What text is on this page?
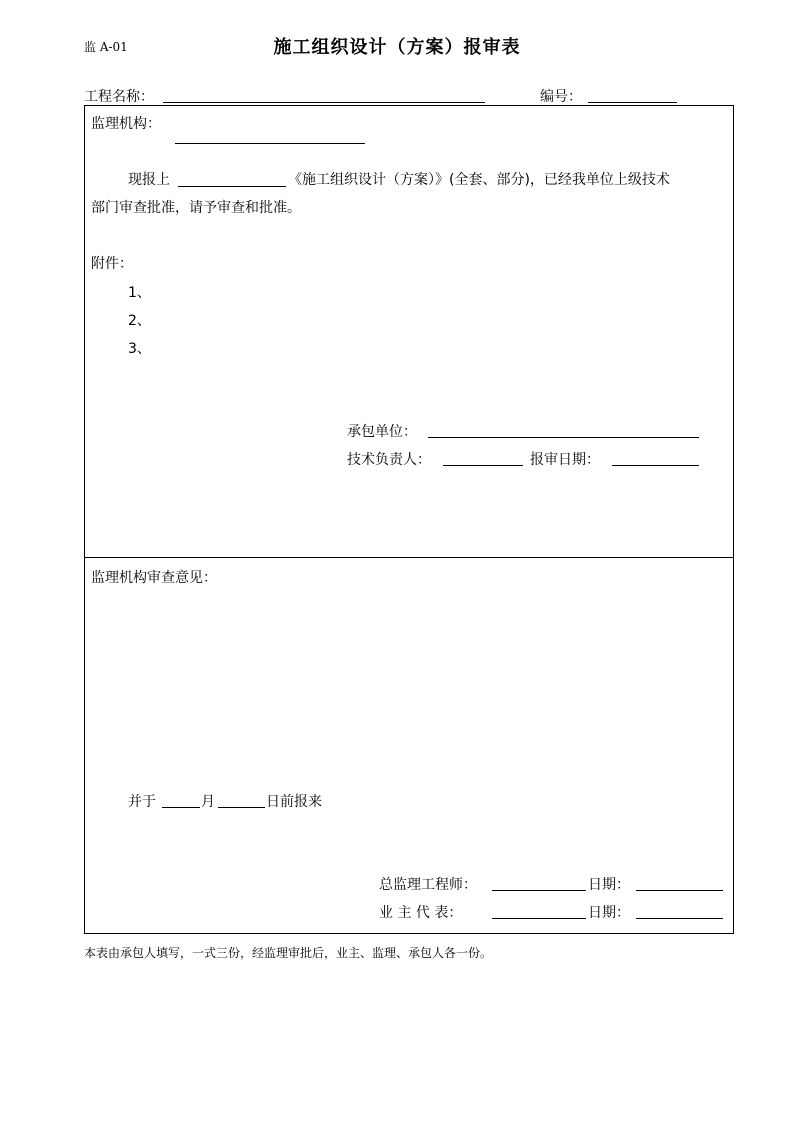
监 A-01	施工组织设计（方案）报审表
工程名称：	编号：
监理机构：
现报上	《施工组织设计（方案）》(全套、部分)，已经我单位上级技术
部门审查批准，请予审查和批准。
附件：
1、
2、
3、
承包单位：
技术负责人：	报审日期：
监理机构审查意见：
并于	月	日前报来
总监理工程师：	日期：
业 主 代 表：	日期：
本表由承包人填写，一式三份，经监理审批后，业主、监理、承包人各一份。
